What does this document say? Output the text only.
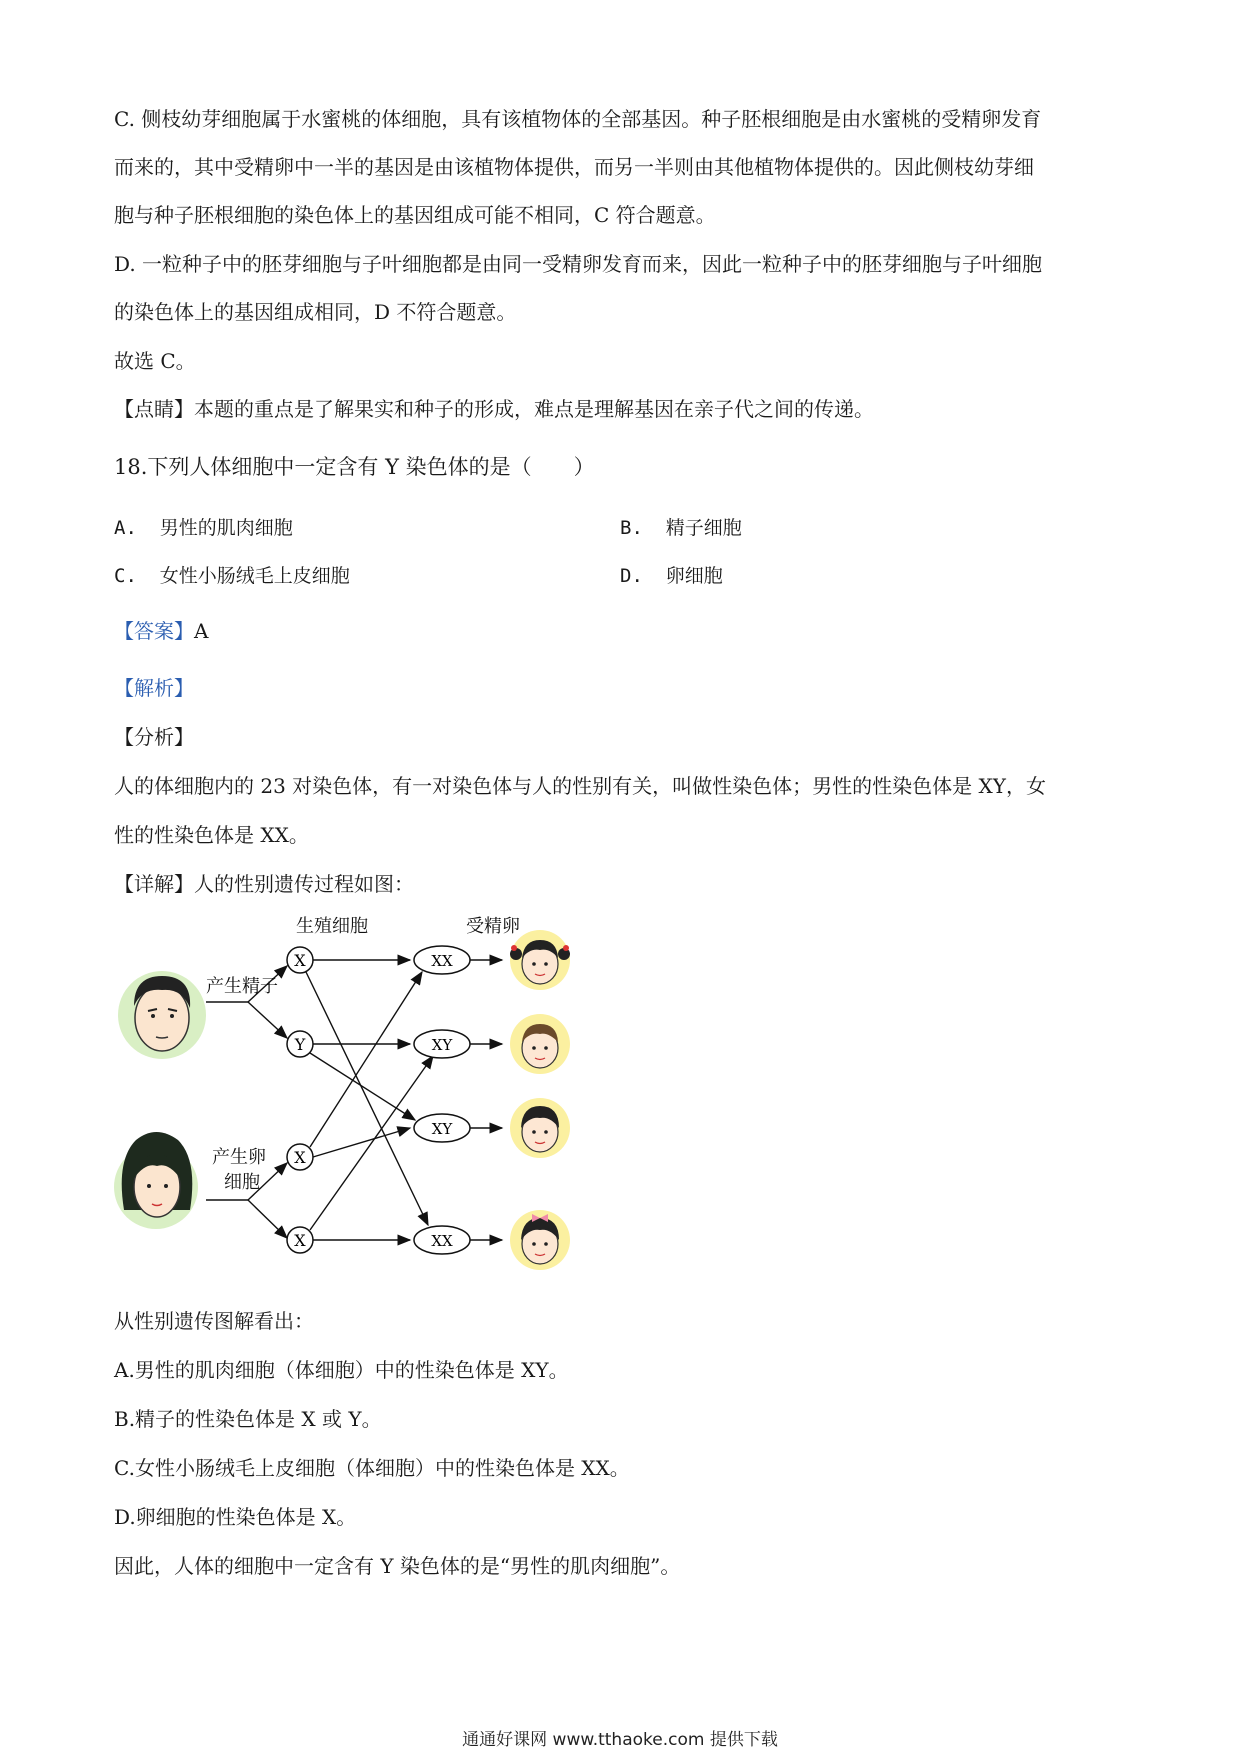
C. 侧枝幼芽细胞属于水蜜桃的体细胞，具有该植物体的全部基因。种子胚根细胞是由水蜜桃的受精卵发育

而来的，其中受精卵中一半的基因是由该植物体提供，而另一半则由其他植物体提供的。因此侧枝幼芽细

胞与种子胚根细胞的染色体上的基因组成可能不相同，C 符合题意。

D. 一粒种子中的胚芽细胞与子叶细胞都是由同一受精卵发育而来，因此一粒种子中的胚芽细胞与子叶细胞

的染色体上的基因组成相同，D 不符合题意。

故选 C。

【点睛】本题的重点是了解果实和种子的形成，难点是理解基因在亲子代之间的传递。

18.下列人体细胞中一定含有 Y 染色体的是（　　）

A. 男性的肌肉细胞	B. 精子细胞
C. 女性小肠绒毛上皮细胞	D. 卵细胞

【答案】A

【解析】

【分析】

人的体细胞内的 23 对染色体，有一对染色体与人的性别有关，叫做性染色体；男性的性染色体是 XY，女

性的性染色体是 XX。

【详解】人的性别遗传过程如图：

生殖细胞	受精卵
产生精子
产生卵
细胞
X
Y
X
X
XX
XY
XY
XX

从性别遗传图解看出：

A.男性的肌肉细胞（体细胞）中的性染色体是 XY。

B.精子的性染色体是 X 或 Y。

C.女性小肠绒毛上皮细胞（体细胞）中的性染色体是 XX。

D.卵细胞的性染色体是 X。

因此，人体的细胞中一定含有 Y 染色体的是“男性的肌肉细胞”。

通通好课网 www.tthaoke.com 提供下载
